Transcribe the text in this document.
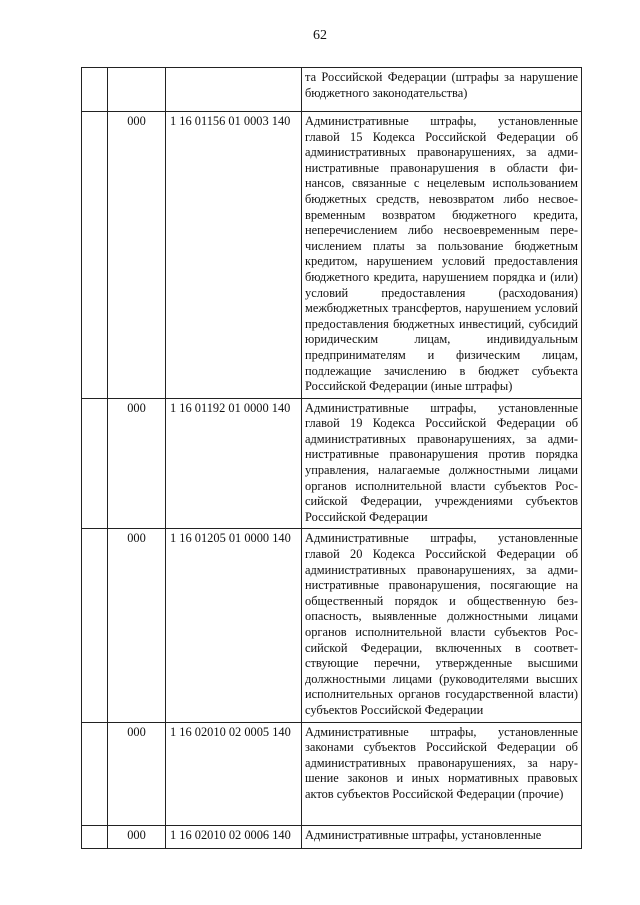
62
			та Российской Федерации (штрафы за нарушение бюджетного законодательства)
	000	1 16 01156 01 0003 140	Административные штрафы, установленные главой 15 Кодекса Российской Федерации об административных правонарушениях, за административные правонарушения в области финансов, связанные с нецелевым использованием бюджетных средств, невозвратом либо несвоевременным возвратом бюджетного кредита, неперечислением либо несвоевременным перечислением платы за пользование бюджетным кредитом, нарушением условий предоставления бюджетного кредита, нарушением порядка и (или) условий предоставления (расходования) межбюджетных трансфертов, нарушением условий предоставления бюджетных инвестиций, субсидий юридическим лицам, индивидуальным предпринимателям и физическим лицам, подлежащие зачислению в бюджет субъекта Российской Федерации (иные штрафы)
	000	1 16 01192 01 0000 140	Административные штрафы, установленные главой 19 Кодекса Российской Федерации об административных правонарушениях, за административные правонарушения против порядка управления, налагаемые должностными лицами органов исполнительной власти субъектов Российской Федерации, учреждениями субъектов Российской Федерации
	000	1 16 01205 01 0000 140	Административные штрафы, установленные главой 20 Кодекса Российской Федерации об административных правонарушениях, за административные правонарушения, посягающие на общественный порядок и общественную безопасность, выявленные должностными лицами органов исполнительной власти субъектов Российской Федерации, включенных в соответствующие перечни, утвержденные высшими должностными лицами (руководителями высших исполнительных органов государственной власти) субъектов Российской Федерации
	000	1 16 02010 02 0005 140	Административные штрафы, установленные законами субъектов Российской Федерации об административных правонарушениях, за нарушение законов и иных нормативных правовых актов субъектов Российской Федерации (прочие)
	000	1 16 02010 02 0006 140	Административные штрафы, установленные
